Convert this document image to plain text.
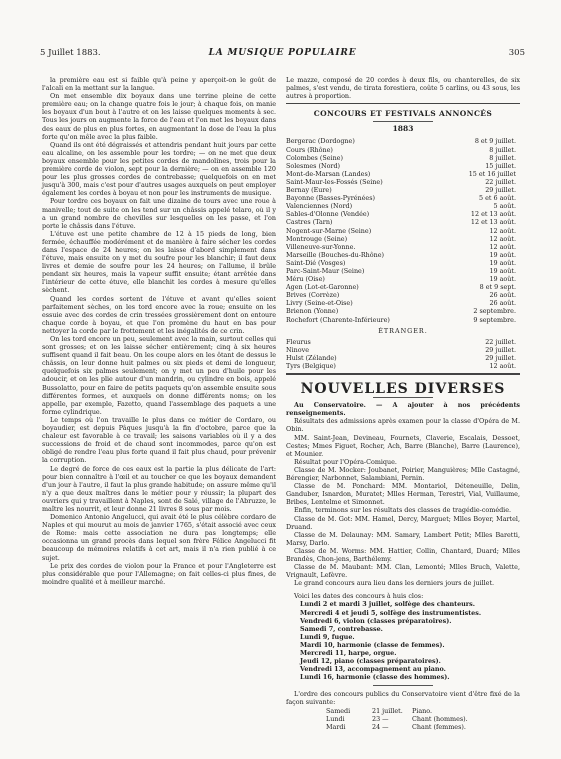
5 Juillet 1883.	LA MUSIQUE POPULAIRE	305

la première eau est si faible qu'à peine y aperçoit-on le goût de l'alcali en la mettant sur la langue.

On met ensemble dix boyaux dans une terrine pleine de cette première eau; on la change quatre fois le jour; à chaque fois, on manie les boyaux d'un bout à l'autre et on les laisse quelques moments à sec. Tous les jours on augmente la force de l'eau et l'on met les boyaux dans des eaux de plus en plus fortes, en augmentant la dose de l'eau la plus forte qu'on mêle avec la plus faible.

Quand ils ont été dégraissés et attendris pendant huit jours par cette eau alcaline, on les assemble pour les tordre; — on ne met que deux boyaux ensemble pour les petites cordes de mandolines, trois pour la première corde de violon, sept pour la dernière; — on en assemble 120 pour les plus grosses cordes de contrebasse; quelquefois on en met jusqu'à 300, mais c'est pour d'autres usages auxquels on peut employer également les cordes à boyau et non pour les instruments de musique.

Pour tordre ces boyaux on fait une dizaine de tours avec une roue à manivelle; tout de suite on les tend sur un châssis appelé telaro, où il y a un grand nombre de chevilles sur lesquelles on les passe, et l'on porte le châssis dans l'étuve.

L'étuve est une petite chambre de 12 à 15 pieds de long, bien fermée, échauffée modérément et de manière à faire sécher les cordes dans l'espace de 24 heures; on les laisse d'abord simplement dans l'étuve, mais ensuite on y met du soufre pour les blanchir; il faut deux livres et demie de soufre pour les 24 heures; on l'allume, il brûle pendant six heures, mais la vapeur suffit ensuite; étant arrêtée dans l'intérieur de cette étuve, elle blanchit les cordes à mesure qu'elles sèchent.

Quand les cordes sortent de l'étuve et avant qu'elles soient parfaitement sèches, on les tord encore avec la roue; ensuite on les essuie avec des cordes de crin tressées grossièrement dont on entoure chaque corde à boyau, et que l'on promène du haut en bas pour nettoyer la corde par le frottement et les inégalités de ce crin.

On les tord encore un peu, seulement avec la main, surtout celles qui sont grosses; et on les laisse sécher entièrement; cinq à six heures suffisent quand il fait beau. On les coupe alors en les ôtant de dessus le châssis, on leur donne huit palmes ou six pieds et demi de longueur, quelquefois six palmes seulement; on y met un peu d'huile pour les adoucir, et on les plie autour d'un mandrin, ou cylindre en bois, appelé Bussolatto, pour en faire de petits paquets qu'on assemble ensuite sous différentes formes, et auxquels on donne différents noms; on les appelle, par exemple, Fazetto, quand l'assemblage des paquets a une forme cylindrique.

Le temps où l'on travaille le plus dans ce métier de Cordaro, ou boyaudier, est depuis Pâques jusqu'à la fin d'octobre, parce que la chaleur est favorable à ce travail; les saisons variables où il y a des successions de froid et de chaud sont incommodes, parce qu'on est obligé de rendre l'eau plus forte quand il fait plus chaud, pour prévenir la corruption.

Le degré de force de ces eaux est la partie la plus délicate de l'art: pour bien connaître à l'œil et au toucher ce que les boyaux demandent d'un jour à l'autre, il faut la plus grande habitude; on assure même qu'il n'y a que deux maîtres dans le métier pour y réussir; la plupart des ouvriers qui y travaillent à Naples, sont de Salé, village de l'Abruzze, le maître les nourrit, et leur donne 21 livres 8 sous par mois.

Domenico Antonio Angelucci, qui avait été le plus célèbre cordaro de Naples et qui mourut au mois de janvier 1765, s'était associé avec ceux de Rome: mais cette association ne dura pas longtemps; elle occasionna un grand procès dans lequel son frère Félice Angelucci fit beaucoup de mémoires relatifs à cet art, mais il n'a rien publié à ce sujet.

Le prix des cordes de violon pour la France et pour l'Angleterre est plus considérable que pour l'Allemagne; on fait celles-ci plus fines, de moindre qualité et à meilleur marché.

Le mazze, composé de 20 cordes à deux fils, ou chanterelles, de six palmes, s'est vendu, de tirata forestiera, coûte 5 carlins, ou 43 sous, les autres à proportion.

CONCOURS ET FESTIVALS ANNONCÉS
1883
Bergerac (Dordogne)	8 et 9 juillet.
Cours (Rhône)	8 juillet.
Colombes (Seine)	8 juillet.
Solesmes (Nord)	15 juillet.
Mont-de-Marsan (Landes)	15 et 16 juillet
Saint-Maur-les-Fossés (Seine)	22 juillet.
Bernay (Eure)	29 juillet.
Bayonne (Basses-Pyrénées)	5 et 6 août.
Valenciennes (Nord)	5 août.
Sables-d'Olonne (Vendée)	12 et 13 août.
Castres (Tarn)	12 et 13 août.
Nogent-sur-Marne (Seine)	12 août.
Montrouge (Seine)	12 août.
Villeneuve-sur-Yonne.	12 août.
Marseille (Bouches-du-Rhône)	19 août.
Saint-Dié (Vosges)	19 août.
Parc-Saint-Maur (Seine)	19 août.
Méru (Oise)	19 août.
Agen (Lot-et-Garonne)	8 et 9 sept.
Brives (Corrèze)	26 août.
Livry (Seine-et-Oise)	26 août.
Brienon (Yonne)	2 septembre.
Rochefort (Charente-Inférieure)	9 septembre.
ÉTRANGER.
Fleurus	22 juillet.
Ninove	29 juillet.
Hulst (Zélande)	29 juillet.
Tyrs (Belgique)	12 août.
NOUVELLES DIVERSES

Au Conservatoire. — A ajouter à nos précédents renseignements.

Résultats des admissions après examen pour la classe d'Opéra de M. Obin.

MM. Saint-Jean, Devineau, Fournets, Claverie, Escalais, Dessoet, Cestes; Mmes Figuet, Rocher, Ach, Barre (Blanche), Barre (Laurence), et Mounier.

Résultat pour l'Opéra-Comique.

Classe de M. Mocker: Joubanet, Poirier, Manguières; Mlle Castagné, Bérengier, Narbonnet, Salambiani, Pernin.

Classe de M. Ponchard: MM. Montariol, Déteneuille, Delin, Ganduber, Isnardon, Muratet; Mlles Herman, Terestri, Vial, Vuillaume, Bribes, Lentelme et Simonnet.

Enfin, terminons sur les résultats des classes de tragédie-comédie.

Classe de M. Got: MM. Hamel, Dercy, Marguet; Mlles Boyer, Martel, Druand.

Classe de M. Delaunay: MM. Samary, Lambert Petit; Mlles Baretti, Marsy, Darlo.

Classe de M. Worms: MM. Hattier, Collin, Chantard, Duard; Mlles Brandès, Chon-jens, Barthélemy.

Classe de M. Maubant: MM. Clan, Lemonté; Mlles Bruch, Valette, Vrignault, Lefèvre.

Le grand concours aura lieu dans les derniers jours de juillet.

Voici les dates des concours à huis clos:

Lundi 2 et mardi 3 juillet, solfège des chanteurs.
Mercredi 4 et jeudi 5, solfège des instrumentistes.
Vendredi 6, violon (classes préparatoires).
Samedi 7, contrebasse.
Lundi 9, fugue.
Mardi 10, harmonie (classe de femmes).
Mercredi 11, harpe, orgue.
Jeudi 12, piano (classes préparatoires).
Vendredi 13, accompagnement au piano.
Lundi 16, harmonie (classe des hommes).

L'ordre des concours publics du Conservatoire vient d'être fixé de la façon suivante:

Samedi	21 juillet.	Piano.
Lundi	23 —	Chant (hommes).
Mardi	24 —	Chant (femmes).
